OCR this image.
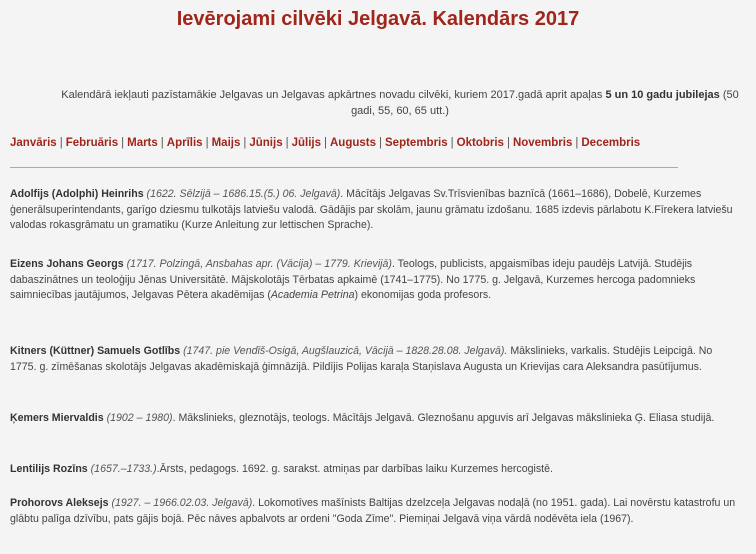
Ievērojami cilvēki Jelgavā. Kalendārs 2017
Kalendārā iekļauti pazīstamākie Jelgavas un Jelgavas apkārtnes novadu cilvēki, kuriem 2017.gadā aprit apaļas 5 un 10 gadu jubilejas (50 gadi, 55, 60, 65 utt.)
Janvāris | Februāris | Marts | Aprīlis | Maijs | Jūnijs | Jūlijs | Augusts | Septembris | Oktobris | Novembris | Decembris
Adolfijs (Adolphi) Heinrihs (1622. Sēlzijā – 1686.15.(5.) 06. Jelgavā). Mācītājs Jelgavas Sv.Trīsvienības baznīcā (1661–1686), Dobelē, Kurzemes ģenerālsuperintendants, garīgo dziesmu tulkotājs latviešu valodā. Gādājis par skolām, jaunu grāmatu izdošanu. 1685 izdevis pārlabotu K.Fīrekera latviešu valodas rokasgrāmatu un gramatiku (Kurze Anleitung zur lettischen Sprache).
Eizens Johans Georgs (1717. Polzingā, Ansbahas apr. (Vācija) – 1779. Krievijā). Teologs, publicists, apgaismības ideju paudējs Latvijā. Studējis dabaszinātnes un teoloģiju Jēnas Universitātē. Mājskolotājs Tērbatas apkaimē (1741–1775). No 1775. g. Jelgavā, Kurzemes hercoga padomnieks saimniecības jautājumos, Jelgavas Pētera akadēmijas (Academia Petrina) ekonomijas goda profesors.
Kitners (Küttner) Samuels Gotlībs (1747. pie Vendīš-Osigā, Augšlauzicā, Vācijā – 1828.28.08. Jelgavā). Mākslinieks, varkalis. Studējis Leipcigā. No 1775. g. zīmēšanas skolotājs Jelgavas akadēmiskajā ģimnāzijā. Pildījis Polijas karaļa Staņislava Augusta un Krievijas cara Aleksandra pasūtījumus.
Ķemers Miervaldis (1902 – 1980). Mākslinieks, gleznotājs, teologs. Mācītājs Jelgavā. Gleznošanu apguvis arī Jelgavas mākslinieka Ģ. Eliasa studijā.
Lentilijs Rozīns (1657.–1733.).Ārsts, pedagogs. 1692. g. sarakst. atmiņas par darbības laiku Kurzemes hercogistē.
Prohorovs Aleksejs (1927. – 1966.02.03. Jelgavā). Lokomotīves mašīnists Baltijas dzelzceļa Jelgavas nodaļā (no 1951. gada). Lai novērstu katastrofu un glābtu palīga dzīvību, pats gājis bojā. Pēc nāves apbalvots ar ordeni "Goda Zīme". Piemiņai Jelgavā viņa vārdā nodēvēta iela (1967).
